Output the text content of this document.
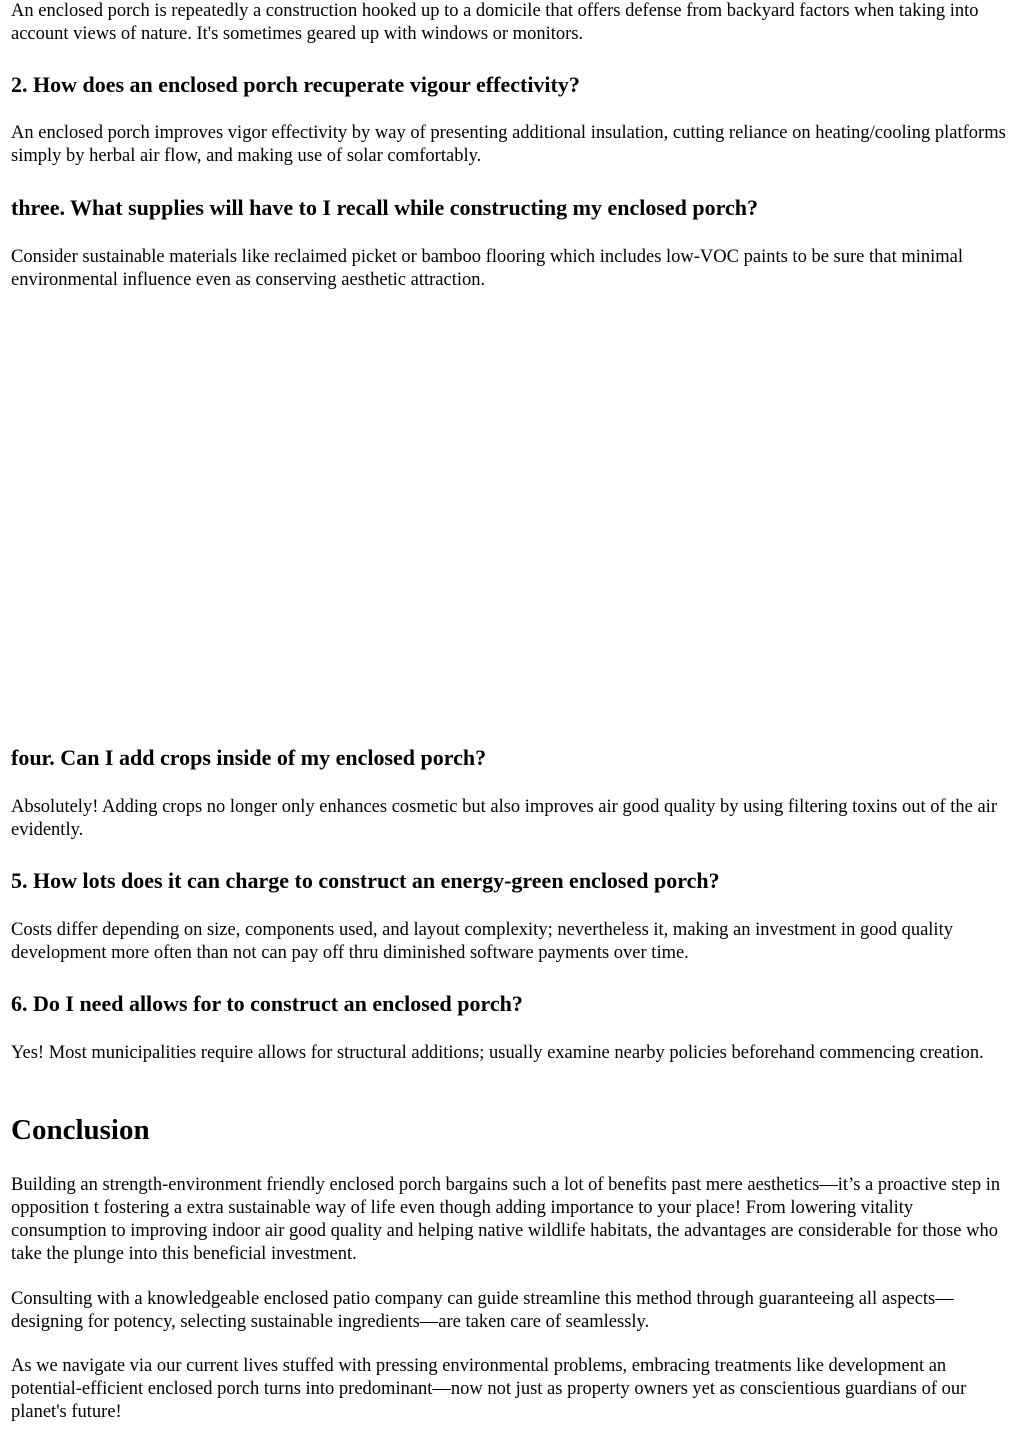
An enclosed porch is repeatedly a construction hooked up to a domicile that offers defense from backyard factors when taking into account views of nature. It's sometimes geared up with windows or monitors.

2. How does an enclosed porch recuperate vigour effectivity?

An enclosed porch improves vigor effectivity by way of presenting additional insulation, cutting reliance on heating/cooling platforms simply by herbal air flow, and making use of solar comfortably.

three. What supplies will have to I recall while constructing my enclosed porch?

Consider sustainable materials like reclaimed picket or bamboo flooring which includes low-VOC paints to be sure that minimal environmental influence even as conserving aesthetic attraction.

four. Can I add crops inside of my enclosed porch?

Absolutely! Adding crops no longer only enhances cosmetic but also improves air good quality by using filtering toxins out of the air evidently.

5. How lots does it can charge to construct an energy-green enclosed porch?

Costs differ depending on size, components used, and layout complexity; nevertheless it, making an investment in good quality development more often than not can pay off thru diminished software payments over time.

6. Do I need allows for to construct an enclosed porch?

Yes! Most municipalities require allows for structural additions; usually examine nearby policies beforehand commencing creation.

Conclusion

Building an strength-environment friendly enclosed porch bargains such a lot of benefits past mere aesthetics—it’s a proactive step in opposition t fostering a extra sustainable way of life even though adding importance to your place! From lowering vitality consumption to improving indoor air good quality and helping native wildlife habitats, the advantages are considerable for those who take the plunge into this beneficial investment.

Consulting with a knowledgeable enclosed patio company can guide streamline this method through guaranteeing all aspects—designing for potency, selecting sustainable ingredients—are taken care of seamlessly.

As we navigate via our current lives stuffed with pressing environmental problems, embracing treatments like development an potential-efficient enclosed porch turns into predominant—now not just as property owners yet as conscientious guardians of our planet's future!
